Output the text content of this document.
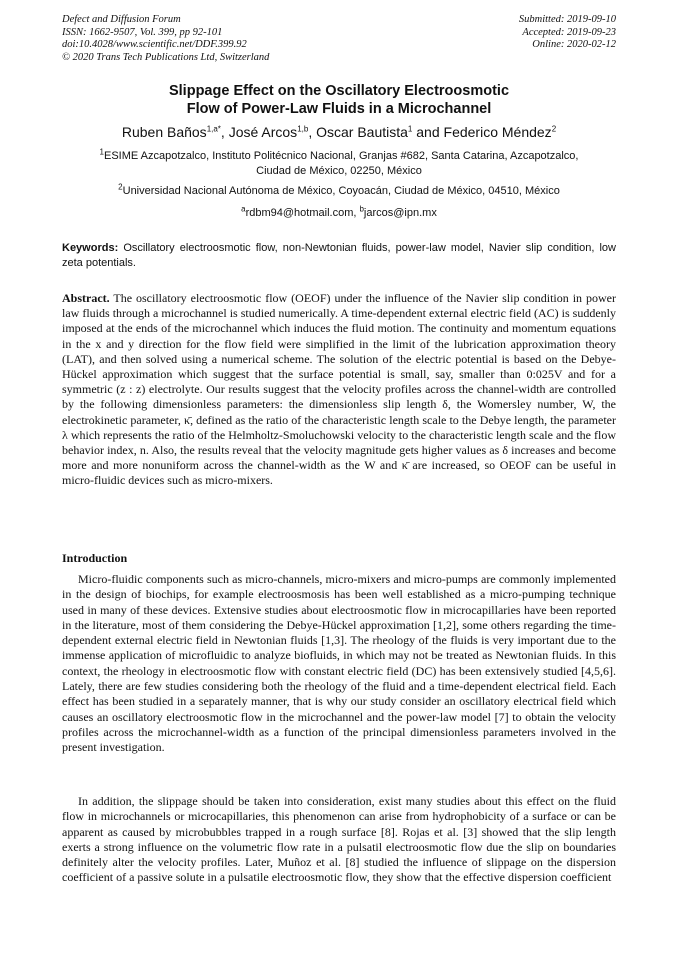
Defect and Diffusion Forum
ISSN: 1662-9507, Vol. 399, pp 92-101
doi:10.4028/www.scientific.net/DDF.399.92
© 2020 Trans Tech Publications Ltd, Switzerland
Submitted: 2019-09-10
Accepted: 2019-09-23
Online: 2020-02-12
Slippage Effect on the Oscillatory Electroosmotic
Flow of Power-Law Fluids in a Microchannel
Ruben Baños$^{1,a*}$, José Arcos$^{1,b}$, Oscar Bautista$^1$ and Federico Méndez$^2$
$^1$ESIME Azcapotzalco, Instituto Politécnico Nacional, Granjas #682, Santa Catarina, Azcapotzalco,
Ciudad de México, 02250, México
$^2$Universidad Nacional Autónoma de México, Coyoacán, Ciudad de México, 04510, México
$^a$rdbm94@hotmail.com, $^b$jarcos@ipn.mx
Keywords: Oscillatory electroosmotic flow, non-Newtonian fluids, power-law model, Navier slip condition, low zeta potentials.
Abstract. The oscillatory electroosmotic flow (OEOF) under the influence of the Navier slip condition in power law fluids through a microchannel is studied numerically. A time-dependent external electric field (AC) is suddenly imposed at the ends of the microchannel which induces the fluid motion. The continuity and momentum equations in the x and y direction for the flow field were simplified in the limit of the lubrication approximation theory (LAT), and then solved using a numerical scheme. The solution of the electric potential is based on the Debye-Hückel approximation which suggest that the surface potential is small, say, smaller than 0:025V and for a symmetric (z : z) electrolyte. Our results suggest that the velocity profiles across the channel-width are controlled by the following dimensionless parameters: the dimensionless slip length δ, the Womersley number, W, the electrokinetic parameter, κ̄, defined as the ratio of the characteristic length scale to the Debye length, the parameter λ which represents the ratio of the Helmholtz-Smoluchowski velocity to the characteristic length scale and the flow behavior index, n. Also, the results reveal that the velocity magnitude gets higher values as δ increases and become more and more nonuniform across the channel-width as the W and κ̄ are increased, so OEOF can be useful in micro-fluidic devices such as micro-mixers.
Introduction
Micro-fluidic components such as micro-channels, micro-mixers and micro-pumps are commonly implemented in the design of biochips, for example electroosmosis has been well established as a micro-pumping technique used in many of these devices. Extensive studies about electroosmotic flow in microcapillaries have been reported in the literature, most of them considering the Debye-Hückel approximation [1,2], some others regarding the time-dependent external electric field in Newtonian fluids [1,3]. The rheology of the fluids is very important due to the immense application of microfluidic to analyze biofluids, in which may not be treated as Newtonian fluids. In this context, the rheology in electroosmotic flow with constant electric field (DC) has been extensively studied [4,5,6]. Lately, there are few studies considering both the rheology of the fluid and a time-dependent electrical field. Each effect has been studied in a separately manner, that is why our study consider an oscillatory electrical field which causes an oscillatory electroosmotic flow in the microchannel and the power-law model [7] to obtain the velocity profiles across the microchannel-width as a function of the principal dimensionless parameters involved in the present investigation.
In addition, the slippage should be taken into consideration, exist many studies about this effect on the fluid flow in microchannels or microcapillaries, this phenomenon can arise from hydrophobicity of a surface or can be apparent as caused by microbubbles trapped in a rough surface [8]. Rojas et al. [3] showed that the slip length exerts a strong influence on the volumetric flow rate in a pulsatil electroosmotic flow due the slip on boundaries definitely alter the velocity profiles. Later, Muñoz et al. [8] studied the influence of slippage on the dispersion coefficient of a passive solute in a pulsatile electroosmotic flow, they show that the effective dispersion coefficient
